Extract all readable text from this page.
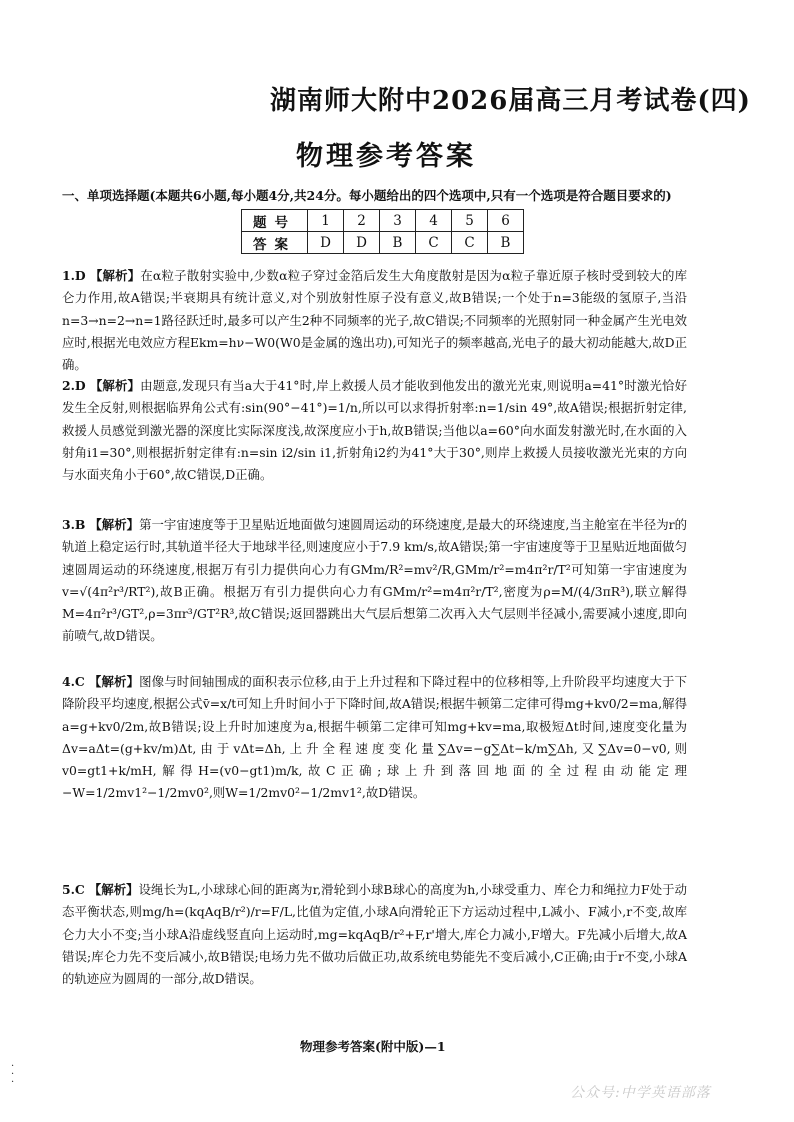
湖南师大附中2026届高三月考试卷(四)
物理参考答案
一、单项选择题(本题共6小题,每小题4分,共24分。每小题给出的四个选项中,只有一个选项是符合题目要求的)
题号	1	2	3	4	5	6
答案	D	D	B	C	C	B
1.D 【解析】在α粒子散射实验中,少数α粒子穿过金箔后发生大角度散射是因为α粒子靠近原子核时受到较大的库仑力作用,故A错误;半衰期具有统计意义,对个别放射性原子没有意义,故B错误;一个处于n=3能级的氢原子,当沿n=3→n=2→n=1路径跃迁时,最多可以产生2种不同频率的光子,故C错误;不同频率的光照射同一种金属产生光电效应时,根据光电效应方程Ekm=hν−W0(W0是金属的逸出功),可知光子的频率越高,光电子的最大初动能越大,故D正确。
2.D 【解析】由题意,发现只有当a大于41°时,岸上救援人员才能收到他发出的激光光束,则说明a=41°时激光恰好发生全反射,则根据临界角公式有:sin(90°−41°)=1/n,所以可以求得折射率:n=1/sin 49°,故A错误;根据折射定律,救援人员感觉到激光器的深度比实际深度浅,故深度应小于h,故B错误;当他以a=60°向水面发射激光时,在水面的入射角i1=30°,则根据折射定律有:n=sin i2/sin i1,折射角i2约为41°大于30°,则岸上救援人员接收激光光束的方向与水面夹角小于60°,故C错误,D正确。
3.B 【解析】第一宇宙速度等于卫星贴近地面做匀速圆周运动的环绕速度,是最大的环绕速度,当主舱室在半径为r的轨道上稳定运行时,其轨道半径大于地球半径,则速度应小于7.9 km/s,故A错误;第一宇宙速度等于卫星贴近地面做匀速圆周运动的环绕速度,根据万有引力提供向心力有GMm/R²=mv²/R,GMm/r²=m4π²r/T²可知第一宇宙速度为v=√(4π²r³/RT²),故B正确。根据万有引力提供向心力有GMm/r²=m4π²r/T²,密度为ρ=M/(4/3πR³),联立解得M=4π²r³/GT²,ρ=3πr³/GT²R³,故C错误;返回器跳出大气层后想第二次再入大气层则半径减小,需要减小速度,即向前喷气,故D错误。
4.C 【解析】图像与时间轴围成的面积表示位移,由于上升过程和下降过程中的位移相等,上升阶段平均速度大于下降阶段平均速度,根据公式v̄=x/t可知上升时间小于下降时间,故A错误;根据牛顿第二定律可得mg+kv0/2=ma,解得a=g+kv0/2m,故B错误;设上升时加速度为a,根据牛顿第二定律可知mg+kv=ma,取极短Δt时间,速度变化量为Δv=aΔt=(g+kv/m)Δt,由于vΔt=Δh,上升全程速度变化量∑Δv=−g∑Δt−k/m∑Δh,又∑Δv=0−v0,则v0=gt1+k/mH,解得H=(v0−gt1)m/k,故C正确;球上升到落回地面的全过程由动能定理−W=1/2mv1²−1/2mv0²,则W=1/2mv0²−1/2mv1²,故D错误。
5.C 【解析】设绳长为L,小球球心间的距离为r,滑轮到小球B球心的高度为h,小球受重力、库仑力和绳拉力F处于动态平衡状态,则mg/h=(kqAqB/r²)/r=F/L,比值为定值,小球A向滑轮正下方运动过程中,L减小、F减小,r不变,故库仑力大小不变;当小球A沿虚线竖直向上运动时,mg=kqAqB/r²+F,r'增大,库仑力减小,F增大。F先减小后增大,故A错误;库仑力先不变后减小,故B错误;电场力先不做功后做正功,故系统电势能先不变后减小,C正确;由于r不变,小球A的轨迹应为圆周的一部分,故D错误。
物理参考答案(附中版)—1
·
·
·
公众号:中学英语部落
